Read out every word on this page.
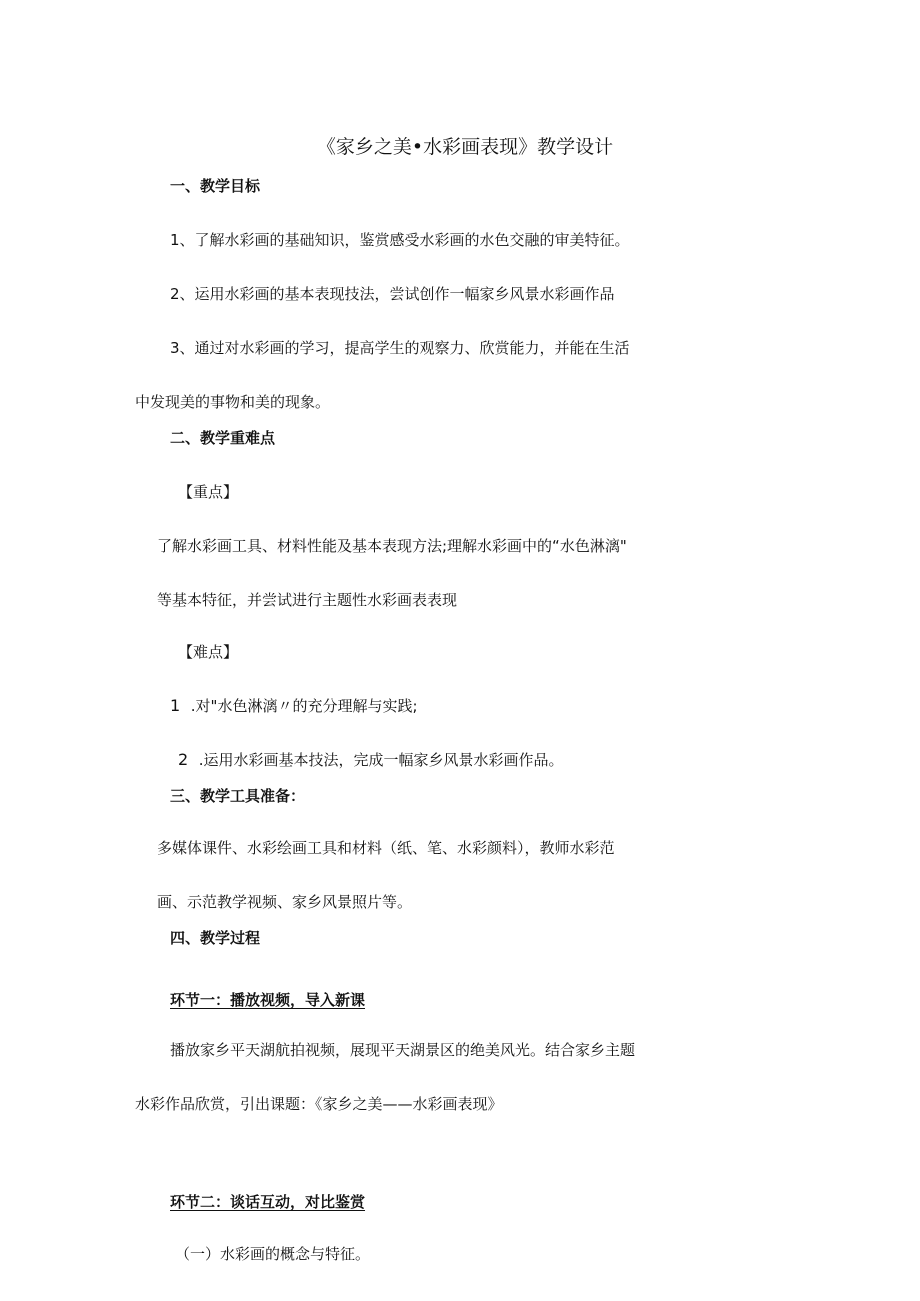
《家乡之美•水彩画表现》教学设计
一、教学目标
1、了解水彩画的基础知识，鉴赏感受水彩画的水色交融的审美特征。
2、运用水彩画的基本表现技法，尝试创作一幅家乡风景水彩画作品
3、通过对水彩画的学习，提高学生的观察力、欣赏能力，并能在生活
中发现美的事物和美的现象。
二、教学重难点
【重点】
了解水彩画工具、材料性能及基本表现方法;理解水彩画中的“水色淋漓"
等基本特征，并尝试进行主题性水彩画表表现
【难点】
1 .对"水色淋漓〃的充分理解与实践;
2 .运用水彩画基本技法，完成一幅家乡风景水彩画作品。
三、教学工具准备：
多媒体课件、水彩绘画工具和材料（纸、笔、水彩颜料），教师水彩范
画、示范教学视频、家乡风景照片等。
四、教学过程
环节一：播放视频，导入新课
播放家乡平天湖航拍视频，展现平天湖景区的绝美风光。结合家乡主题
水彩作品欣赏，引出课题：《家乡之美——水彩画表现》
环节二：谈话互动，对比鉴赏
（一）水彩画的概念与特征。
